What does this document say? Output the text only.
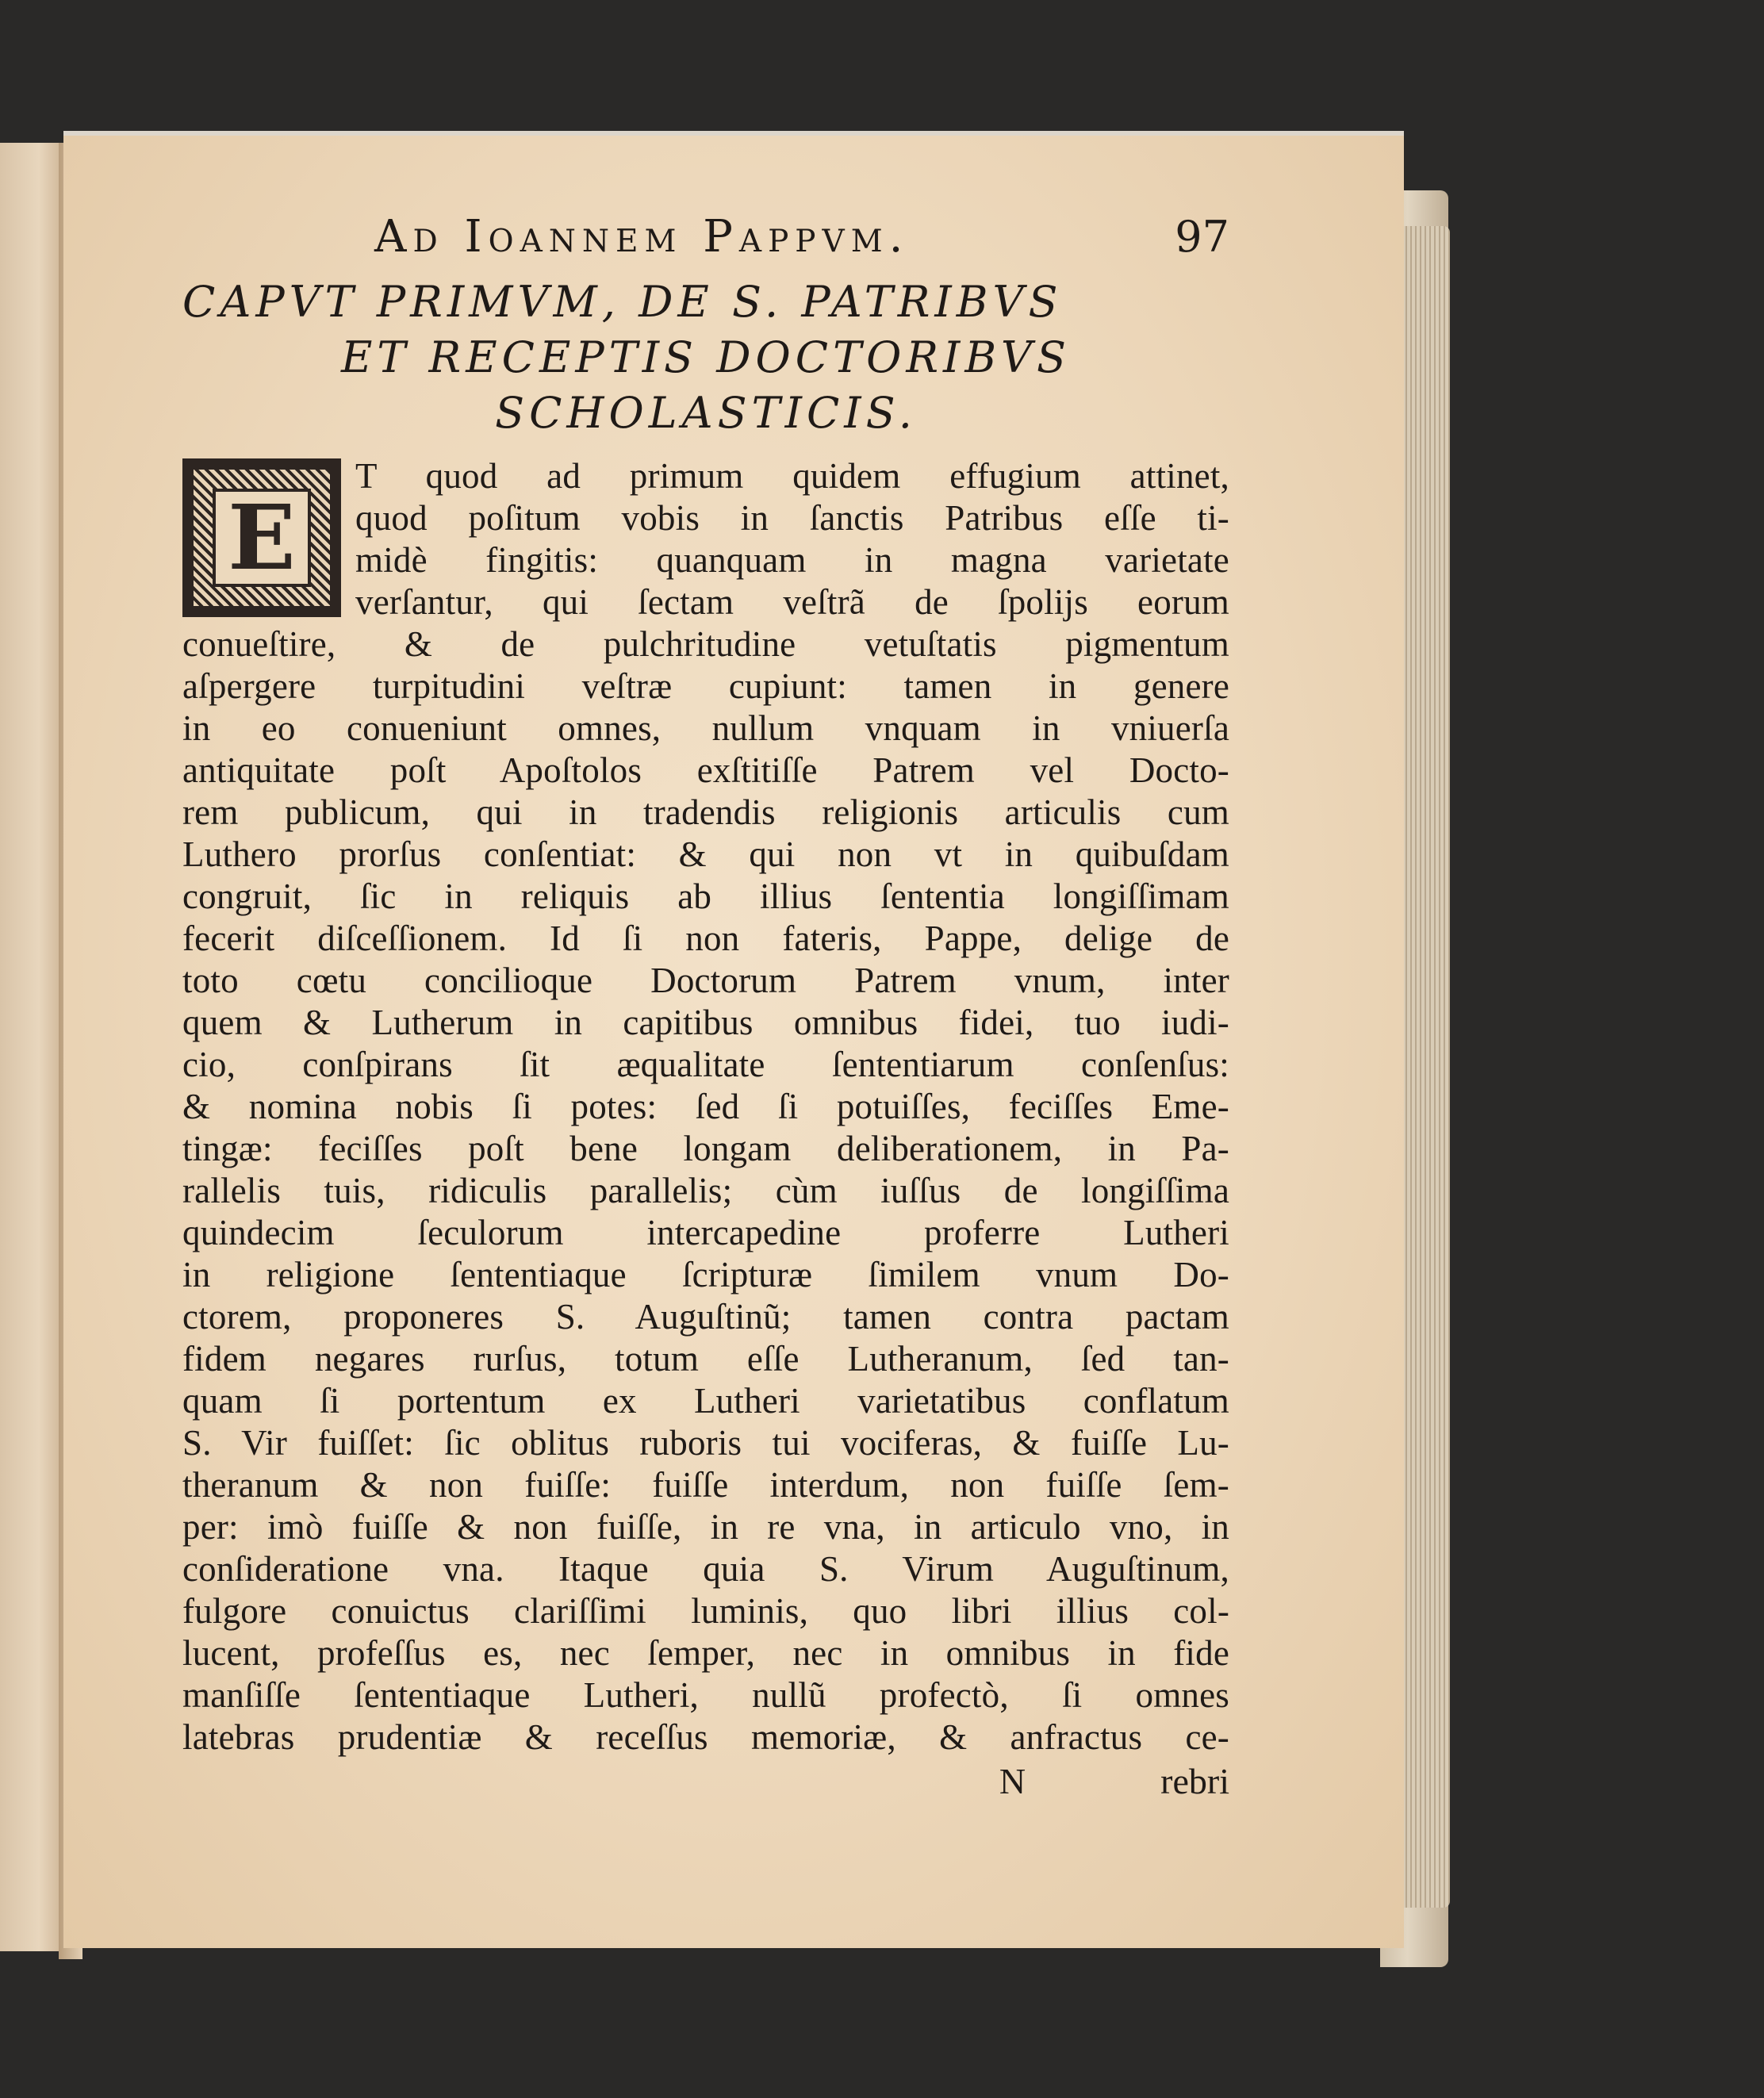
Ad Ioannem Pappvm.	97
CAPVT PRIMVM, DE S. PATRIBVS
ET RECEPTIS DOCTORIBVS
SCHOLASTICIS.
E
T quod ad primum quidem effugium attinet,
quod poſitum vobis in ſanctis Patribus eſſe ti-
midè fingitis: quanquam in magna varietate
verſantur, qui ſectam veſtrã de ſpolijs eorum
conueſtire, & de pulchritudine vetuſtatis pigmentum
aſpergere turpitudini veſtræ cupiunt: tamen in genere
in eo conueniunt omnes, nullum vnquam in vniuerſa
antiquitate poſt Apoſtolos exſtitiſſe Patrem vel Docto-
rem publicum, qui in tradendis religionis articulis cum
Luthero prorſus conſentiat: & qui non vt in quibuſdam
congruit, ſic in reliquis ab illius ſententia longiſſimam
fecerit diſceſſionem. Id ſi non fateris, Pappe, delige de
toto cœtu concilioque Doctorum Patrem vnum, inter
quem & Lutherum in capitibus omnibus fidei, tuo iudi-
cio, conſpirans ſit æqualitate ſententiarum conſenſus:
& nomina nobis ſi potes: ſed ſi potuiſſes, feciſſes Eme-
tingæ: feciſſes poſt bene longam deliberationem, in Pa-
rallelis tuis, ridiculis parallelis; cùm iuſſus de longiſſima
quindecim ſeculorum intercapedine proferre Lutheri
in religione ſententiaque ſcripturæ ſimilem vnum Do-
ctorem, proponeres S. Auguſtinũ; tamen contra pactam
fidem negares rurſus, totum eſſe Lutheranum, ſed tan-
quam ſi portentum ex Lutheri varietatibus conflatum
S. Vir fuiſſet: ſic oblitus ruboris tui vociferas, & fuiſſe Lu-
theranum & non fuiſſe: fuiſſe interdum, non fuiſſe ſem-
per: imò fuiſſe & non fuiſſe, in re vna, in articulo vno, in
conſideratione vna. Itaque quia S. Virum Auguſtinum,
fulgore conuictus clariſſimi luminis, quo libri illius col-
lucent, profeſſus es, nec ſemper, nec in omnibus in fide
manſiſſe ſententiaque Lutheri, nullũ profectò, ſi omnes
latebras prudentiæ & receſſus memoriæ, & anfractus ce-
N	rebri
